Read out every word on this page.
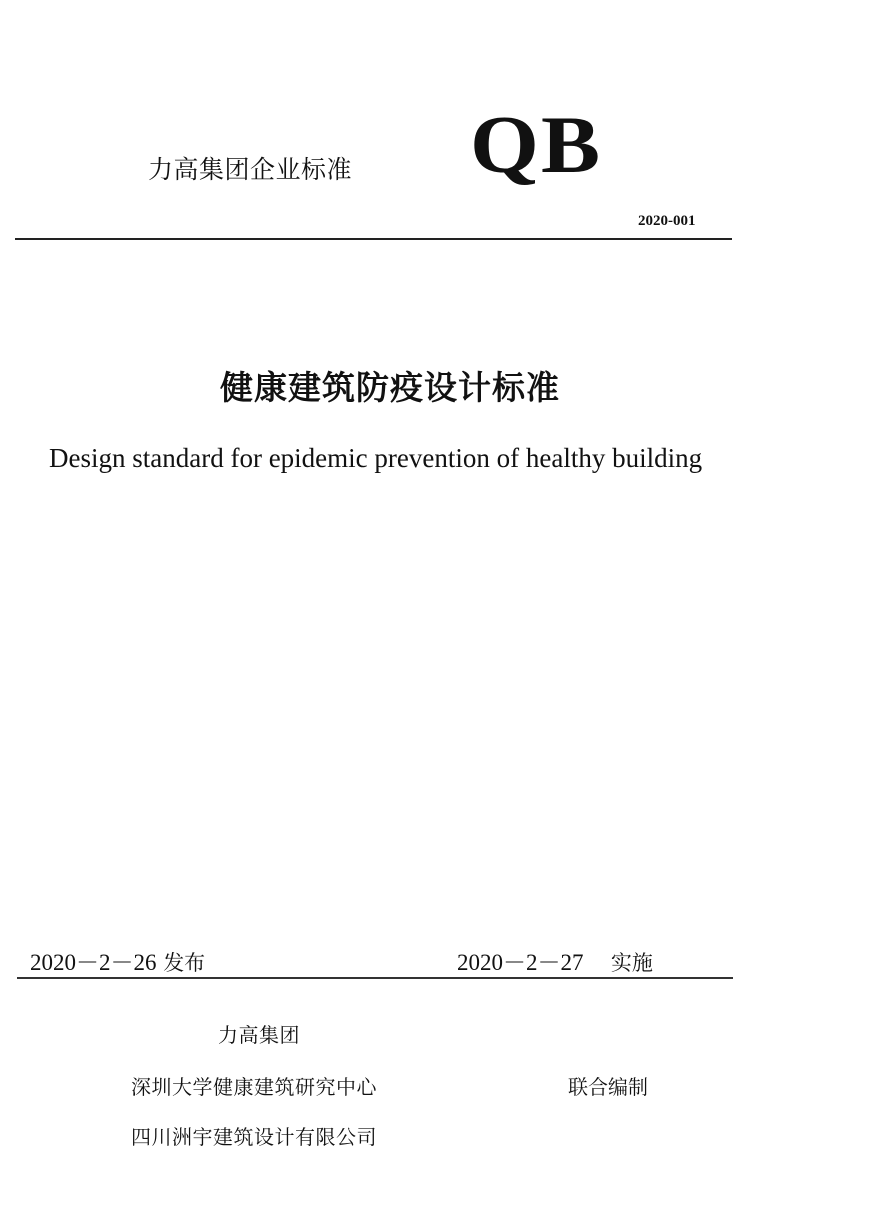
力高集团企业标准 QB
2020-001
健康建筑防疫设计标准
Design standard for epidemic prevention of healthy building
2020－2－26 发布	2020－2－27 实施
力高集团
深圳大学健康建筑研究中心
四川洲宇建筑设计有限公司
联合编制
